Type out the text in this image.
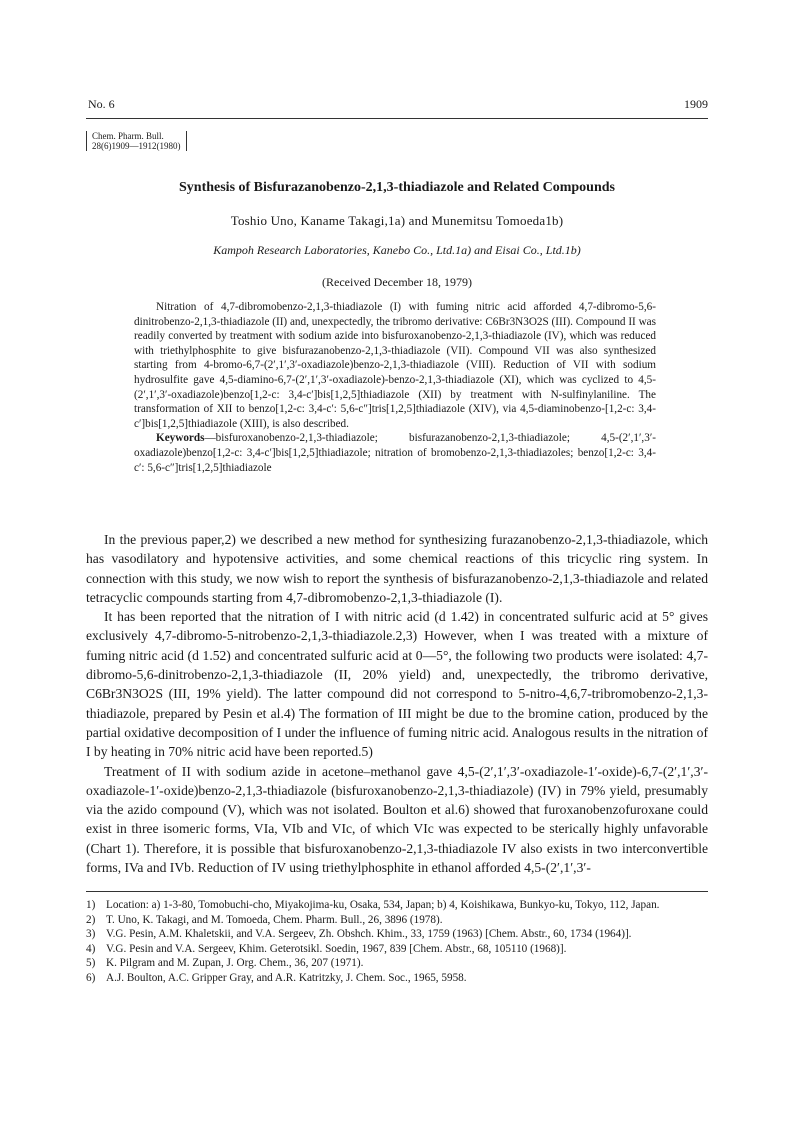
No. 6	1909
Chem. Pharm. Bull.
28(6)1909—1912(1980)
Synthesis of Bisfurazanobenzo-2,1,3-thiadiazole and Related Compounds
Toshio Uno, Kaname Takagi,1a) and Munemitsu Tomoeda1b)
Kampoh Research Laboratories, Kanebo Co., Ltd.1a) and Eisai Co., Ltd.1b)
(Received December 18, 1979)

Nitration of 4,7-dibromobenzo-2,1,3-thiadiazole (I) with fuming nitric acid afforded 4,7-dibromo-5,6-dinitrobenzo-2,1,3-thiadiazole (II) and, unexpectedly, the tribromo derivative: C6Br3N3O2S (III). Compound II was readily converted by treatment with sodium azide into bisfuroxanobenzo-2,1,3-thiadiazole (IV), which was reduced with triethylphosphite to give bisfurazanobenzo-2,1,3-thiadiazole (VII). Compound VII was also synthesized starting from 4-bromo-6,7-(2′,1′,3′-oxadiazole)benzo-2,1,3-thiadiazole (VIII). Reduction of VII with sodium hydrosulfite gave 4,5-diamino-6,7-(2′,1′,3′-oxadiazole)-benzo-2,1,3-thiadiazole (XI), which was cyclized to 4,5-(2′,1′,3′-oxadiazole)benzo[1,2-c: 3,4-c′]bis[1,2,5]thiadiazole (XII) by treatment with N-sulfinylaniline. The transformation of XII to benzo[1,2-c: 3,4-c′: 5,6-c″]tris[1,2,5]thiadiazole (XIV), via 4,5-diaminobenzo-[1,2-c: 3,4-c′]bis[1,2,5]thiadiazole (XIII), is also described.

Keywords—bisfuroxanobenzo-2,1,3-thiadiazole; bisfurazanobenzo-2,1,3-thiadiazole; 4,5-(2′,1′,3′-oxadiazole)benzo[1,2-c: 3,4-c′]bis[1,2,5]thiadiazole; nitration of bromobenzo-2,1,3-thiadiazoles; benzo[1,2-c: 3,4-c′: 5,6-c″]tris[1,2,5]thiadiazole

In the previous paper,2) we described a new method for synthesizing furazanobenzo-2,1,3-thiadiazole, which has vasodilatory and hypotensive activities, and some chemical reactions of this tricyclic ring system. In connection with this study, we now wish to report the synthesis of bisfurazanobenzo-2,1,3-thiadiazole and related tetracyclic compounds starting from 4,7-dibromobenzo-2,1,3-thiadiazole (I).

It has been reported that the nitration of I with nitric acid (d 1.42) in concentrated sulfuric acid at 5° gives exclusively 4,7-dibromo-5-nitrobenzo-2,1,3-thiadiazole.2,3) However, when I was treated with a mixture of fuming nitric acid (d 1.52) and concentrated sulfuric acid at 0—5°, the following two products were isolated: 4,7-dibromo-5,6-dinitrobenzo-2,1,3-thiadiazole (II, 20% yield) and, unexpectedly, the tribromo derivative, C6Br3N3O2S (III, 19% yield). The latter compound did not correspond to 5-nitro-4,6,7-tribromobenzo-2,1,3-thiadiazole, prepared by Pesin et al.4) The formation of III might be due to the bromine cation, produced by the partial oxidative decomposition of I under the influence of fuming nitric acid. Analogous results in the nitration of I by heating in 70% nitric acid have been reported.5)

Treatment of II with sodium azide in acetone–methanol gave 4,5-(2′,1′,3′-oxadiazole-1′-oxide)-6,7-(2′,1′,3′-oxadiazole-1′-oxide)benzo-2,1,3-thiadiazole (bisfuroxanobenzo-2,1,3-thiadiazole) (IV) in 79% yield, presumably via the azido compound (V), which was not isolated. Boulton et al.6) showed that furoxanobenzofuroxane could exist in three isomeric forms, VIa, VIb and VIc, of which VIc was expected to be sterically highly unfavorable (Chart 1). Therefore, it is possible that bisfuroxanobenzo-2,1,3-thiadiazole IV also exists in two interconvertible forms, IVa and IVb. Reduction of IV using triethylphosphite in ethanol afforded 4,5-(2′,1′,3′-

1) Location: a) 1-3-80, Tomobuchi-cho, Miyakojima-ku, Osaka, 534, Japan; b) 4, Koishikawa, Bunkyo-ku, Tokyo, 112, Japan.
2) T. Uno, K. Takagi, and M. Tomoeda, Chem. Pharm. Bull., 26, 3896 (1978).
3) V.G. Pesin, A.M. Khaletskii, and V.A. Sergeev, Zh. Obshch. Khim., 33, 1759 (1963) [Chem. Abstr., 60, 1734 (1964)].
4) V.G. Pesin and V.A. Sergeev, Khim. Geterotsikl. Soedin, 1967, 839 [Chem. Abstr., 68, 105110 (1968)].
5) K. Pilgram and M. Zupan, J. Org. Chem., 36, 207 (1971).
6) A.J. Boulton, A.C. Gripper Gray, and A.R. Katritzky, J. Chem. Soc., 1965, 5958.
